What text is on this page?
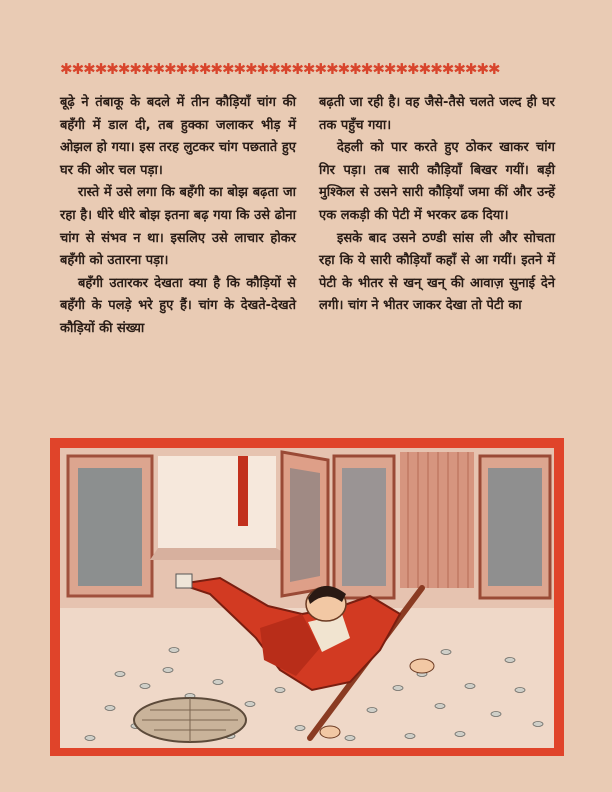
✱✱✱✱✱✱✱✱✱✱✱✱✱✱✱✱✱✱✱✱✱✱✱✱✱✱✱✱✱✱✱✱✱✱✱✱✱✱

बूढ़े ने तंबाकू के बदले में तीन कौड़ियाँ चांग की बहँगी में डाल दी, तब हुक्का जलाकर भीड़ में ओझल हो गया। इस तरह लुटकर चांग पछताते हुए घर की ओर चल पड़ा।

रास्ते में उसे लगा कि बहँगी का बोझ बढ़ता जा रहा है। धीरे धीरे बोझ इतना बढ़ गया कि उसे ढोना चांग से संभव न था। इसलिए उसे लाचार होकर बहँगी को उतारना पड़ा।

बहँगी उतारकर देखता क्या है कि कौड़ियों से बहँगी के पलड़े भरे हुए हैं। चांग के देखते-देखते कौड़ियों की संख्या

बढ़ती जा रही है। वह जैसे-तैसे चलते जल्द ही घर तक पहुँच गया।

देहली को पार करते हुए ठोकर खाकर चांग गिर पड़ा। तब सारी कौड़ियाँ बिखर गयीं। बड़ी मुश्किल से उसने सारी कौड़ियाँ जमा कीं और उन्हें एक लकड़ी की पेटी में भरकर ढक दिया।

इसके बाद उसने ठण्डी सांस ली और सोचता रहा कि ये सारी कौड़ियाँ कहाँ से आ गयीं। इतने में पेटी के भीतर से खन् खन् की आवाज़ सुनाई देने लगी। चांग ने भीतर जाकर देखा तो पेटी का
